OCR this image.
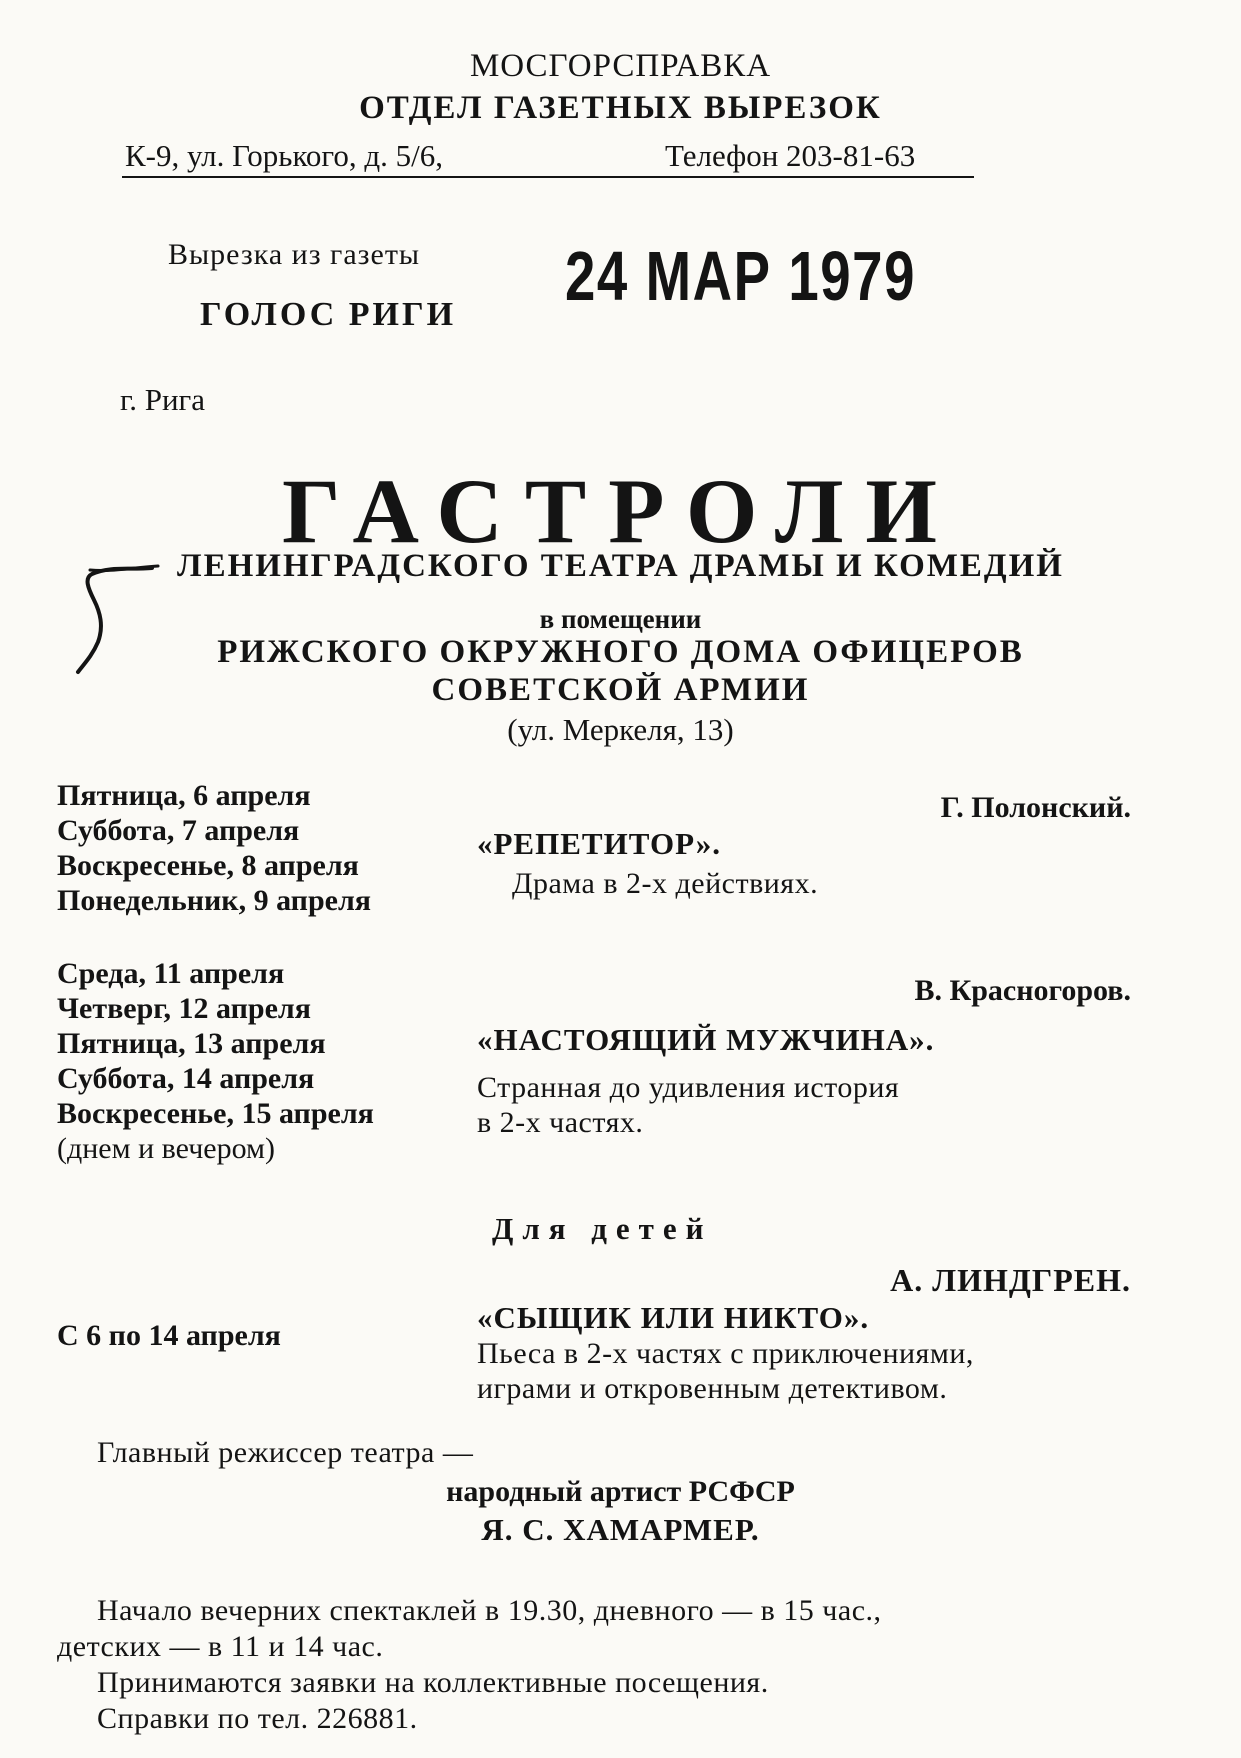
МОСГОРСПРАВКА
ОТДЕЛ ГАЗЕТНЫХ ВЫРЕЗОК
К-9, ул. Горького, д. 5/6,	Телефон 203-81-63
Вырезка из газеты
ГОЛОС РИГИ 24 МАР 1979
г. Рига
ГАСТРОЛИ
ЛЕНИНГРАДСКОГО ТЕАТРА ДРАМЫ И КОМЕДИЙ
в помещении
РИЖСКОГО ОКРУЖНОГО ДОМА ОФИЦЕРОВ
СОВЕТСКОЙ АРМИИ
(ул. Меркеля, 13)
Пятница, 6 апреля
Суббота, 7 апреля
Воскресенье, 8 апреля
Понедельник, 9 апреля
Г. Полонский.
«РЕПЕТИТОР».
Драма в 2-х действиях.
Среда, 11 апреля
Четверг, 12 апреля
Пятница, 13 апреля
Суббота, 14 апреля
Воскресенье, 15 апреля
(днем и вечером)
В. Красногоров.
«НАСТОЯЩИЙ МУЖЧИНА».
Странная до удивления история
в 2-х частях.
Для детей
С 6 по 14 апреля
А. ЛИНДГРЕН.
«СЫЩИК ИЛИ НИКТО».
Пьеса в 2-х частях с приключениями,
играми и откровенным детективом.
Главный режиссер театра —
народный артист РСФСР
Я. С. ХАМАРМЕР.
Начало вечерних спектаклей в 19.30, дневного — в 15 час.,
детских — в 11 и 14 час.
Принимаются заявки на коллективные посещения.
Справки по тел. 226881.
